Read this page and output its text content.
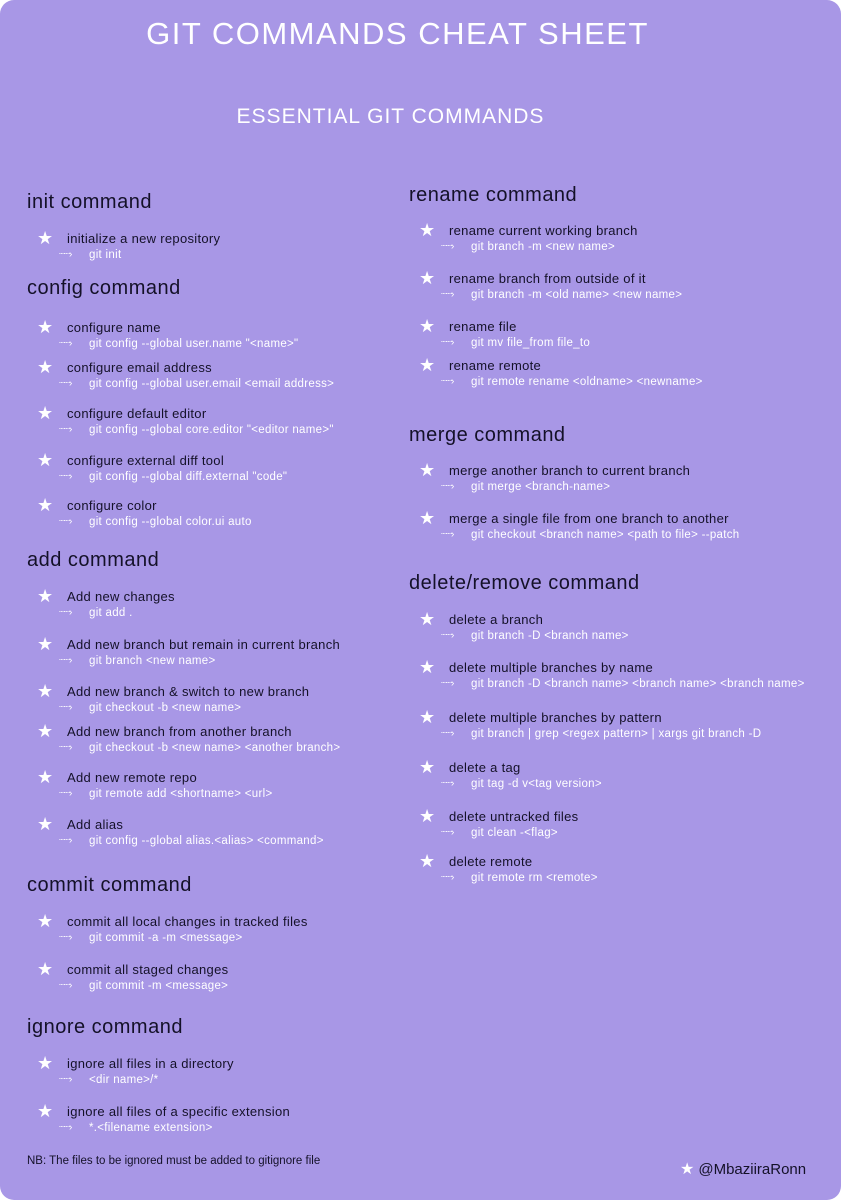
GIT COMMANDS CHEAT SHEET
ESSENTIAL GIT COMMANDS
init command
★ initialize a new repository
┈┈› git init
config command
★ configure name
┈┈› git config --global user.name "<name>"
★ configure email address
┈┈› git config --global user.email <email address>
★ configure default editor
┈┈› git config --global core.editor "<editor name>"
★ configure external diff tool
┈┈› git config --global diff.external "code"
★ configure color
┈┈› git config --global color.ui auto
add command
★ Add new changes
┈┈› git add .
★ Add new branch but remain in current branch
┈┈› git branch <new name>
★ Add new branch & switch to new branch
┈┈› git checkout -b <new name>
★ Add new branch from another branch
┈┈› git checkout -b <new name> <another branch>
★ Add new remote repo
┈┈› git remote add <shortname> <url>
★ Add alias
┈┈› git config --global alias.<alias> <command>
commit command
★ commit all local changes in tracked files
┈┈› git commit -a -m <message>
★ commit all staged changes
┈┈› git commit -m <message>
ignore command
★ ignore all files in a directory
┈┈› <dir name>/*
★ ignore all files of a specific extension
┈┈› *.<filename extension>
rename command
★ rename current working branch
┈┈› git branch -m <new name>
★ rename branch from outside of it
┈┈› git branch -m <old name> <new name>
★ rename file
┈┈› git mv file_from file_to
★ rename remote
┈┈› git remote rename <oldname> <newname>
merge command
★ merge another branch to current branch
┈┈› git merge <branch-name>
★ merge a single file from one branch to another
┈┈› git checkout <branch name> <path to file> --patch
delete/remove command
★ delete a branch
┈┈› git branch -D <branch name>
★ delete multiple branches by name
┈┈› git branch -D <branch name> <branch name> <branch name>
★ delete multiple branches by pattern
┈┈› git branch | grep <regex pattern> | xargs git branch -D
★ delete a tag
┈┈› git tag -d v<tag version>
★ delete untracked files
┈┈› git clean -<flag>
★ delete remote
┈┈› git remote rm <remote>
NB: The files to be ignored must be added to gitignore file	★ @MbaziiraRonn
